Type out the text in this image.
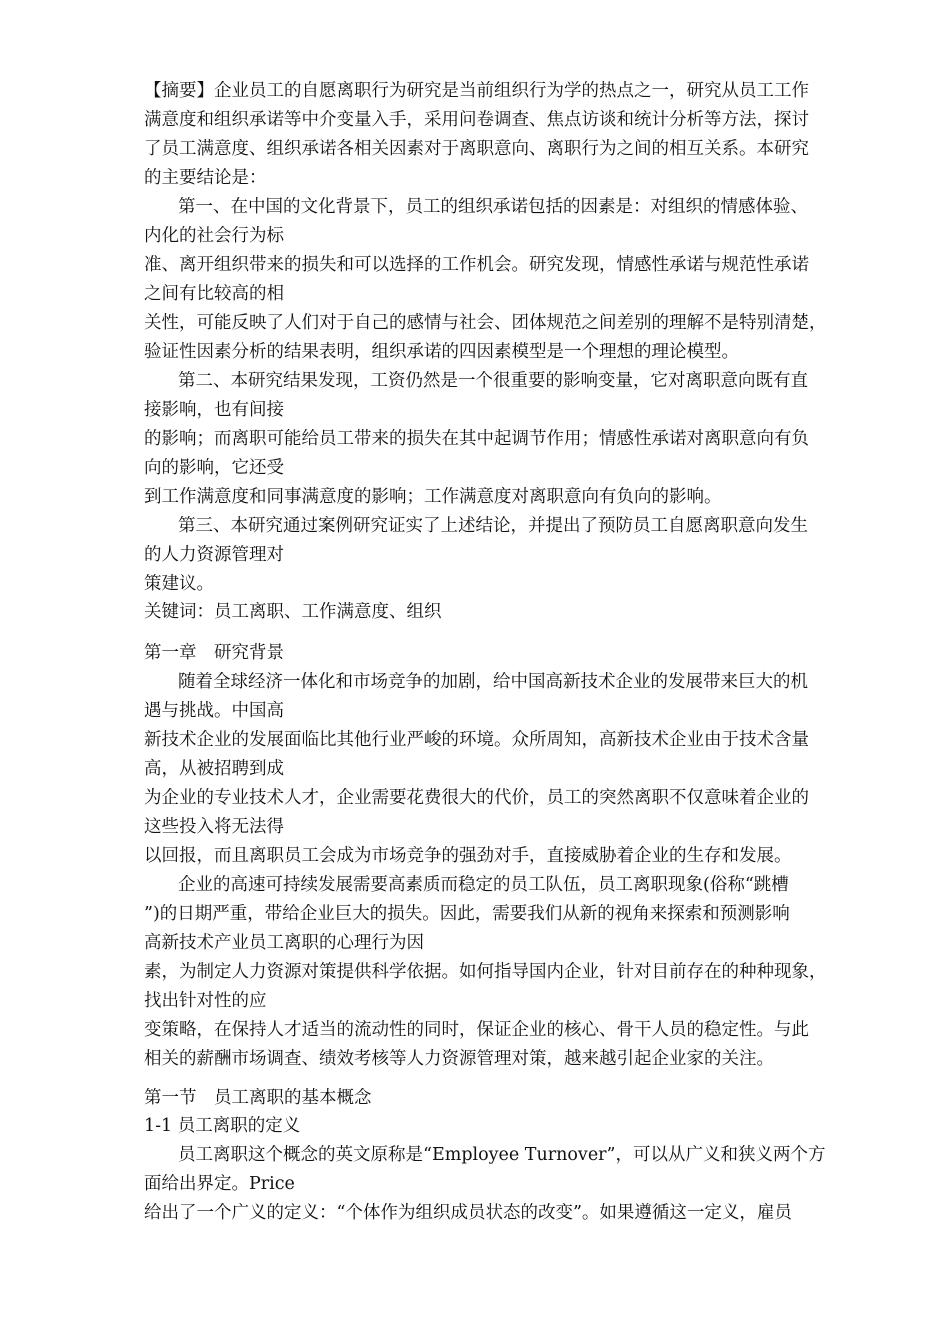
【摘要】企业员工的自愿离职行为研究是当前组织行为学的热点之一，研究从员工工作

满意度和组织承诺等中介变量入手，采用问卷调查、焦点访谈和统计分析等方法，探讨

了员工满意度、组织承诺各相关因素对于离职意向、离职行为之间的相互关系。本研究

的主要结论是：

第一、在中国的文化背景下，员工的组织承诺包括的因素是：对组织的情感体验、

内化的社会行为标

准、离开组织带来的损失和可以选择的工作机会。研究发现，情感性承诺与规范性承诺

之间有比较高的相

关性，可能反映了人们对于自己的感情与社会、团体规范之间差别的理解不是特别清楚，

验证性因素分析的结果表明，组织承诺的四因素模型是一个理想的理论模型。

第二、本研究结果发现，工资仍然是一个很重要的影响变量，它对离职意向既有直

接影响，也有间接

的影响；而离职可能给员工带来的损失在其中起调节作用；情感性承诺对离职意向有负

向的影响，它还受

到工作满意度和同事满意度的影响；工作满意度对离职意向有负向的影响。

第三、本研究通过案例研究证实了上述结论，并提出了预防员工自愿离职意向发生

的人力资源管理对

策建议。

关键词：员工离职、工作满意度、组织

第一章　研究背景

随着全球经济一体化和市场竞争的加剧，给中国高新技术企业的发展带来巨大的机

遇与挑战。中国高

新技术企业的发展面临比其他行业严峻的环境。众所周知，高新技术企业由于技术含量

高，从被招聘到成

为企业的专业技术人才，企业需要花费很大的代价，员工的突然离职不仅意味着企业的

这些投入将无法得

以回报，而且离职员工会成为市场竞争的强劲对手，直接威胁着企业的生存和发展。

企业的高速可持续发展需要高素质而稳定的员工队伍，员工离职现象(俗称“跳槽

”)的日期严重，带给企业巨大的损失。因此，需要我们从新的视角来探索和预测影响

高新技术产业员工离职的心理行为因

素，为制定人力资源对策提供科学依据。如何指导国内企业，针对目前存在的种种现象，

找出针对性的应

变策略，在保持人才适当的流动性的同时，保证企业的核心、骨干人员的稳定性。与此

相关的薪酬市场调查、绩效考核等人力资源管理对策，越来越引起企业家的关注。

第一节　员工离职的基本概念

1-1 员工离职的定义

员工离职这个概念的英文原称是“Employee Turnover”，可以从广义和狭义两个方

面给出界定。Price

给出了一个广义的定义：“个体作为组织成员状态的改变”。如果遵循这一定义，雇员
